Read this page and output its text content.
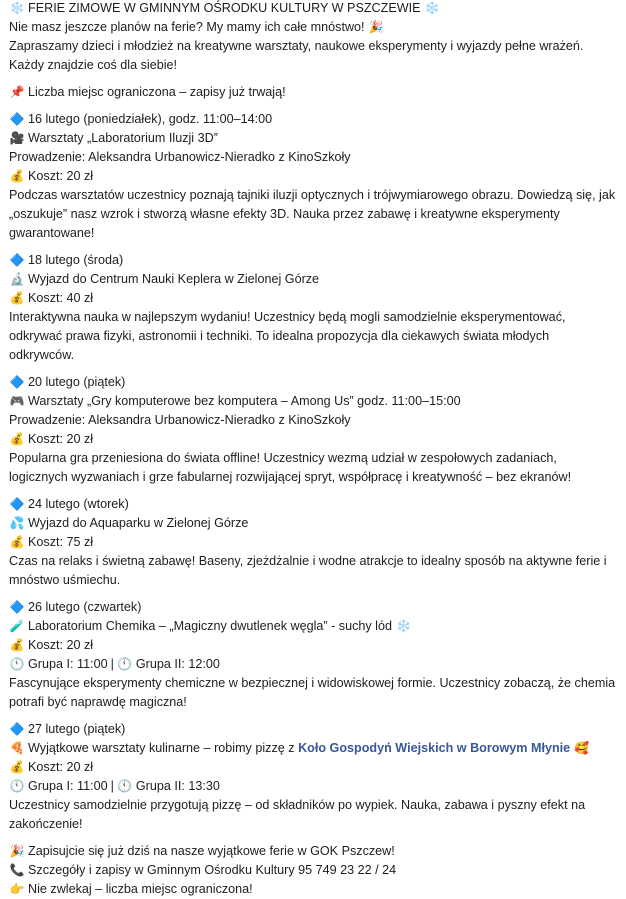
❄️ FERIE ZIMOWE W GMINNYM OŚRODKU KULTURY W PSZCZEWIE ❄️
Nie masz jeszcze planów na ferie? My mamy ich całe mnóstwo! 🎉
Zapraszamy dzieci i młodzież na kreatywne warsztaty, naukowe eksperymenty i wyjazdy pełne wrażeń. Każdy znajdzie coś dla siebie!
📌 Liczba miejsc ograniczona – zapisy już trwają!
🔷 16 lutego (poniedziałek), godz. 11:00–14:00
🎥 Warsztaty „Laboratorium Iluzji 3D”
Prowadzenie: Aleksandra Urbanowicz-Nieradko z KinoSzkoły
💰 Koszt: 20 zł
Podczas warsztatów uczestnicy poznają tajniki iluzji optycznych i trójwymiarowego obrazu. Dowiedzą się, jak „oszukuje” nasz wzrok i stworzą własne efekty 3D. Nauka przez zabawę i kreatywne eksperymenty gwarantowane!
🔷 18 lutego (środa)
🔬 Wyjazd do Centrum Nauki Keplera w Zielonej Górze
💰 Koszt: 40 zł
Interaktywna nauka w najlepszym wydaniu! Uczestnicy będą mogli samodzielnie eksperymentować, odkrywać prawa fizyki, astronomii i techniki. To idealna propozycja dla ciekawych świata młodych odkrywców.
🔷 20 lutego (piątek)
🎮 Warsztaty „Gry komputerowe bez komputera – Among Us” godz. 11:00–15:00
Prowadzenie: Aleksandra Urbanowicz-Nieradko z KinoSzkoły
💰 Koszt: 20 zł
Popularna gra przeniesiona do świata offline! Uczestnicy wezmą udział w zespołowych zadaniach, logicznych wyzwaniach i grze fabularnej rozwijającej spryt, współpracę i kreatywność – bez ekranów!
🔷 24 lutego (wtorek)
💦 Wyjazd do Aquaparku w Zielonej Górze
💰 Koszt: 75 zł
Czas na relaks i świetną zabawę! Baseny, zjeżdżalnie i wodne atrakcje to idealny sposób na aktywne ferie i mnóstwo uśmiechu.
🔷 26 lutego (czwartek)
🧪 Laboratorium Chemika – „Magiczny dwutlenek węgla” - suchy lód ❄️
💰 Koszt: 20 zł
🕚 Grupa I: 11:00 | 🕚 Grupa II: 12:00
Fascynujące eksperymenty chemiczne w bezpiecznej i widowiskowej formie. Uczestnicy zobaczą, że chemia potrafi być naprawdę magiczna!
🔷 27 lutego (piątek)
🍕 Wyjątkowe warsztaty kulinarne – robimy pizzę z Koło Gospodyń Wiejskich w Borowym Młynie 🥰
💰 Koszt: 20 zł
🕚 Grupa I: 11:00 | 🕚 Grupa II: 13:30
Uczestnicy samodzielnie przygotują pizzę – od składników po wypiek. Nauka, zabawa i pyszny efekt na zakończenie!
🎉 Zapisujcie się już dziś na nasze wyjątkowe ferie w GOK Pszczew!
📞 Szczegóły i zapisy w Gminnym Ośrodku Kultury 95 749 23 22 / 24
👉 Nie zwlekaj – liczba miejsc ograniczona!
